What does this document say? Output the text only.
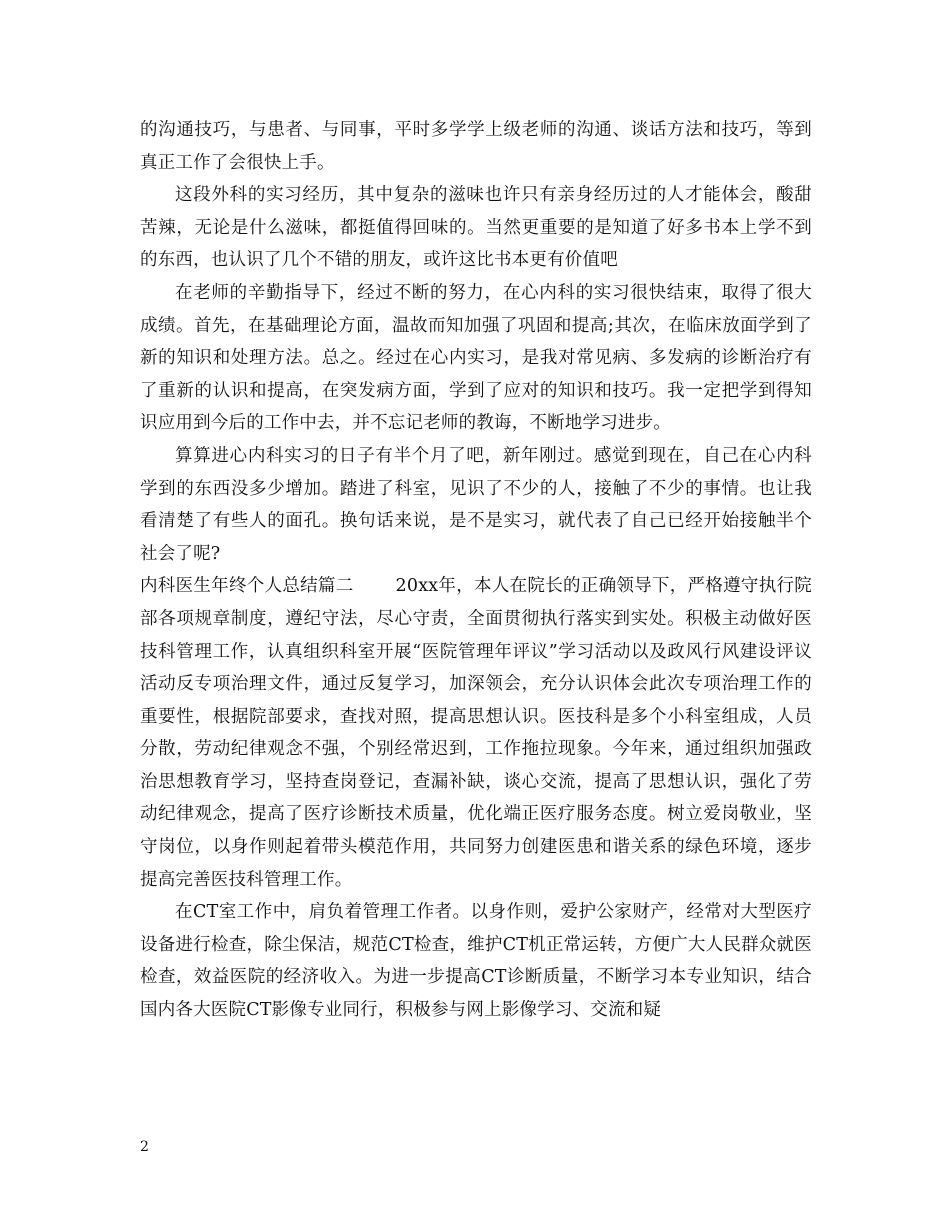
的沟通技巧，与患者、与同事，平时多学学上级老师的沟通、谈话方法和技巧，等到真正工作了会很快上手。

这段外科的实习经历，其中复杂的滋味也许只有亲身经历过的人才能体会，酸甜苦辣，无论是什么滋味，都挺值得回味的。当然更重要的是知道了好多书本上学不到的东西，也认识了几个不错的朋友，或许这比书本更有价值吧

在老师的辛勤指导下，经过不断的努力，在心内科的实习很快结束，取得了很大成绩。首先，在基础理论方面，温故而知加强了巩固和提高;其次，在临床放面学到了新的知识和处理方法。总之。经过在心内实习，是我对常见病、多发病的诊断治疗有了重新的认识和提高，在突发病方面，学到了应对的知识和技巧。我一定把学到得知识应用到今后的工作中去，并不忘记老师的教诲，不断地学习进步。

算算进心内科实习的日子有半个月了吧，新年刚过。感觉到现在，自己在心内科学到的东西没多少增加。踏进了科室，见识了不少的人，接触了不少的事情。也让我看清楚了有些人的面孔。换句话来说，是不是实习，就代表了自己已经开始接触半个社会了呢?

内科医生年终个人总结篇二 20xx年，本人在院长的正确领导下，严格遵守执行院部各项规章制度，遵纪守法，尽心守责，全面贯彻执行落实到实处。积极主动做好医技科管理工作，认真组织科室开展“医院管理年评议”学习活动以及政风行风建设评议活动反专项治理文件，通过反复学习，加深领会，充分认识体会此次专项治理工作的重要性，根据院部要求，查找对照，提高思想认识。医技科是多个小科室组成，人员分散，劳动纪律观念不强，个别经常迟到，工作拖拉现象。今年来，通过组织加强政治思想教育学习，坚持查岗登记，查漏补缺，谈心交流，提高了思想认识，强化了劳动纪律观念，提高了医疗诊断技术质量，优化端正医疗服务态度。树立爱岗敬业，坚守岗位，以身作则起着带头模范作用，共同努力创建医患和谐关系的绿色环境，逐步提高完善医技科管理工作。

在CT室工作中，肩负着管理工作者。以身作则，爱护公家财产，经常对大型医疗设备进行检查，除尘保洁，规范CT检查，维护CT机正常运转，方便广大人民群众就医检查，效益医院的经济收入。为进一步提高CT诊断质量，不断学习本专业知识，结合国内各大医院CT影像专业同行，积极参与网上影像学习、交流和疑

2
